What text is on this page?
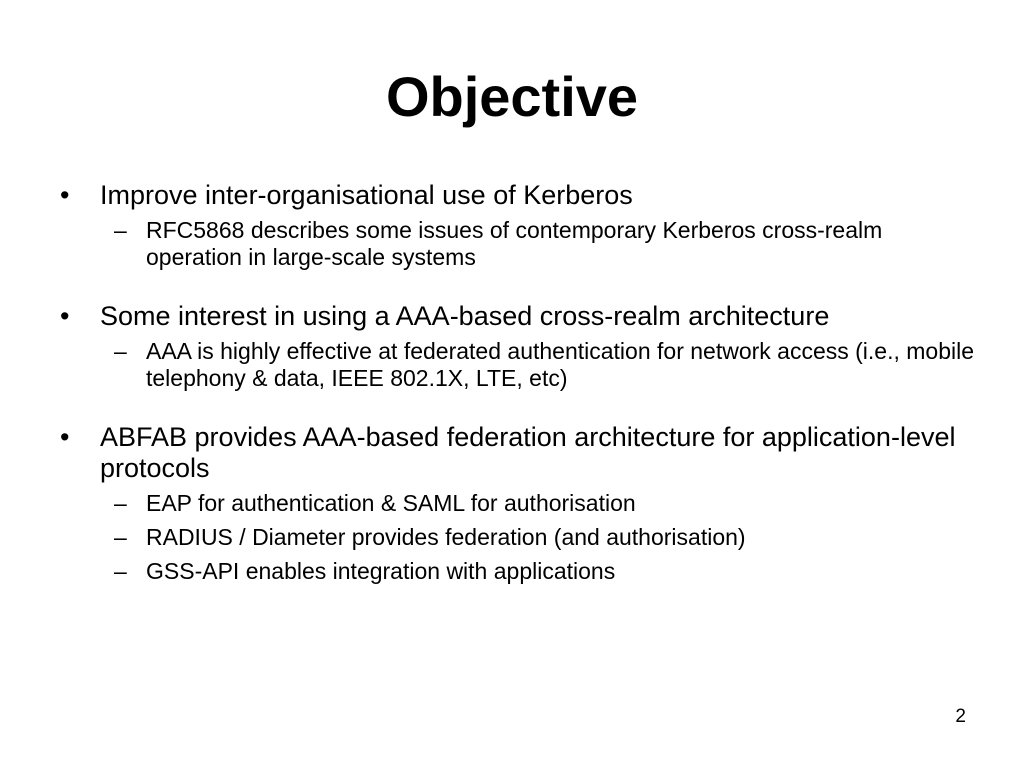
Objective
•	Improve inter-organisational use of Kerberos
– RFC5868 describes some issues of contemporary Kerberos cross-realm operation in large-scale systems
•	Some interest in using a AAA-based cross-realm architecture
– AAA is highly effective at federated authentication for network access (i.e., mobile telephony & data, IEEE 802.1X, LTE, etc)
•	ABFAB provides AAA-based federation architecture for application-level protocols
– EAP for authentication & SAML for authorisation
– RADIUS / Diameter provides federation (and authorisation)
– GSS-API enables integration with applications
2
